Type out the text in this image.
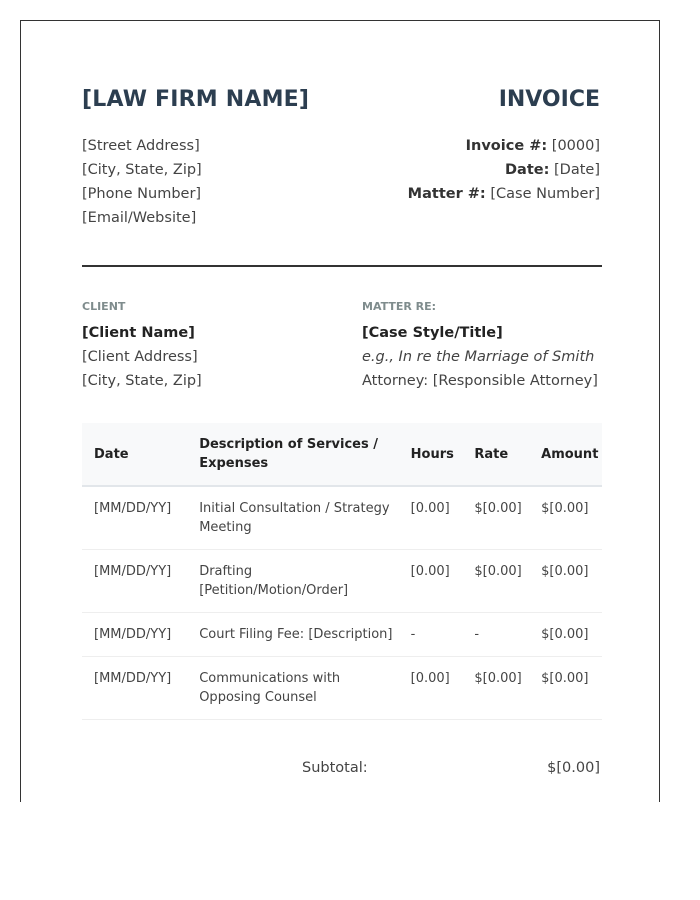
[LAW FIRM NAME]	INVOICE
[Street Address]
[City, State, Zip]
[Phone Number]
[Email/Website]
Invoice #: [0000]
Date: [Date]
Matter #: [Case Number]
CLIENT	MATTER RE:
[Client Name]
[Client Address]
[City, State, Zip]
[Case Style/Title]
e.g., In re the Marriage of Smith
Attorney: [Responsible Attorney]
Date	Description of Services / Expenses	Hours	Rate	Amount
[MM/DD/YY]	Initial Consultation / Strategy Meeting	[0.00]	$[0.00]	$[0.00]
[MM/DD/YY]	Drafting [Petition/Motion/Order]	[0.00]	$[0.00]	$[0.00]
[MM/DD/YY]	Court Filing Fee: [Description]	-	-	$[0.00]
[MM/DD/YY]	Communications with Opposing Counsel	[0.00]	$[0.00]	$[0.00]
Subtotal:	$[0.00]
